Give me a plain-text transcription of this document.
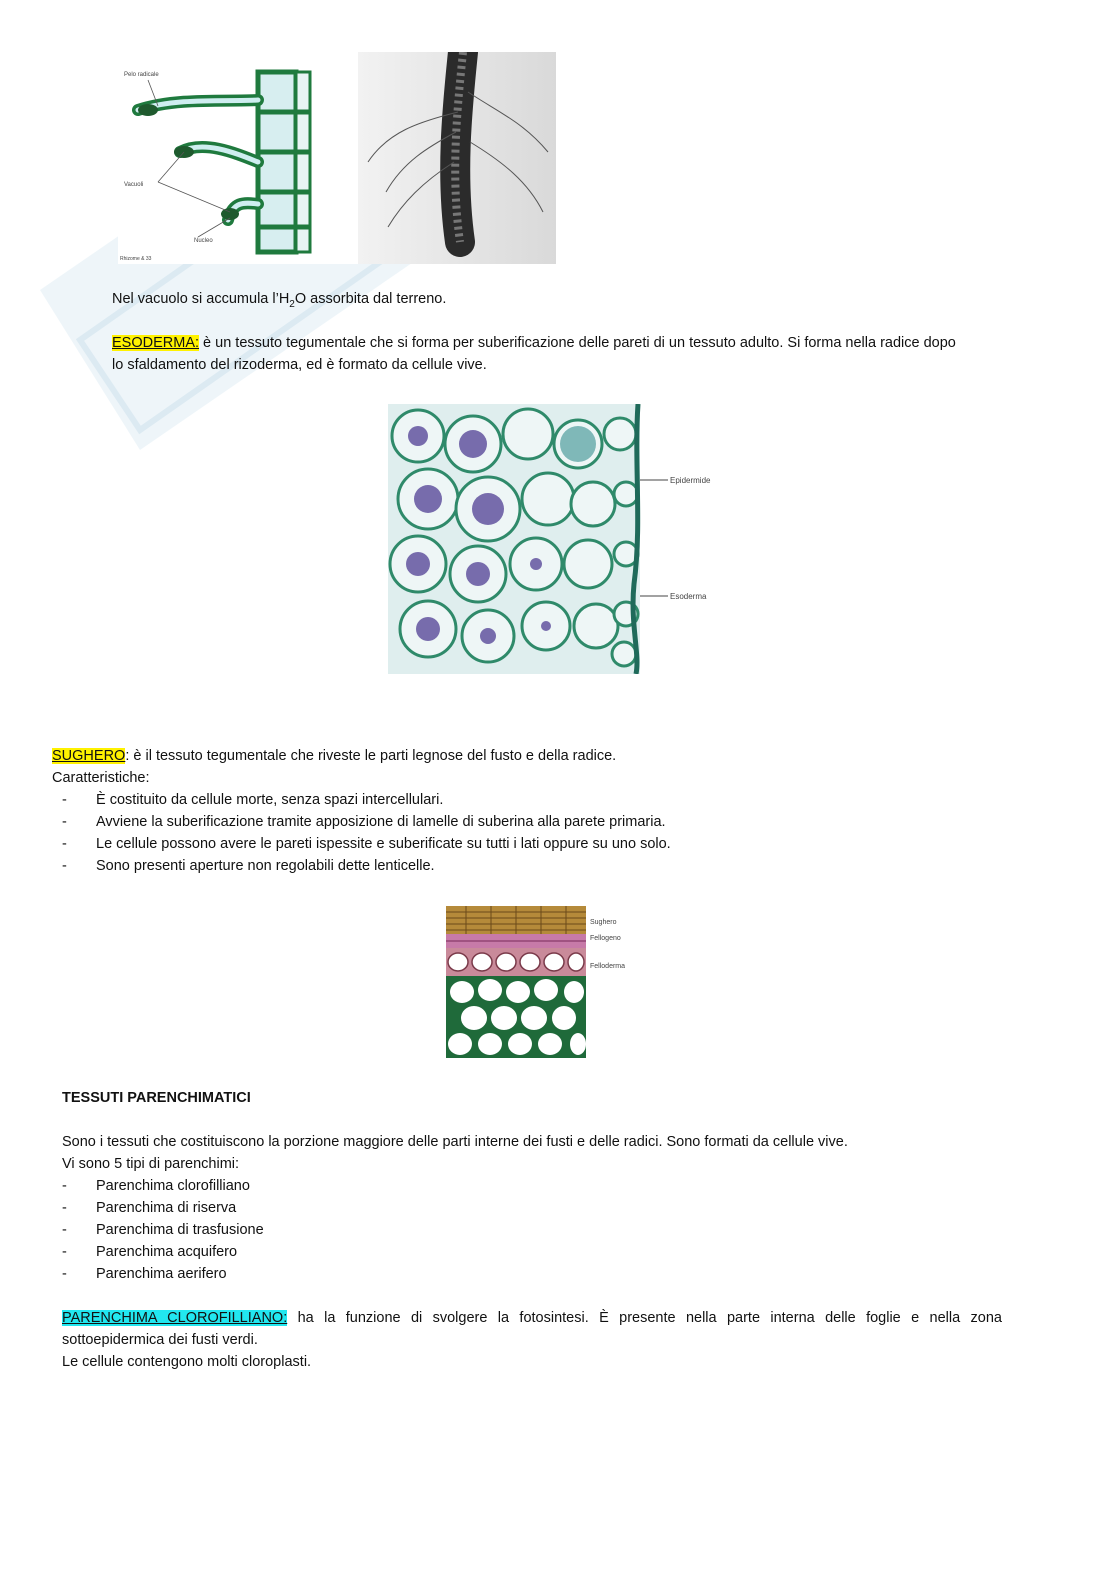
Pelo radicale
Vacuoli
Nucleo
Rhizome & 33
Nel vacuolo si accumula $l’H_2O$ assorbita dal terreno.
ESODERMA: è un tessuto tegumentale che si forma per suberificazione delle pareti di un tessuto adulto. Si forma nella radice dopo
lo sfaldamento del rizoderma, ed è formato da cellule vive.
Epidermide
Esoderma
SUGHERO: è il tessuto tegumentale che riveste le parti legnose del fusto e della radice.
Caratteristiche:
- È costituito da cellule morte, senza spazi intercellulari.
- Avviene la suberificazione tramite apposizione di lamelle di suberina alla parete primaria.
- Le cellule possono avere le pareti ispessite e suberificate su tutti i lati oppure su uno solo.
- Sono presenti aperture non regolabili dette lenticelle.
Sughero
Fellogeno
Felloderma
TESSUTI PARENCHIMATICI
Sono i tessuti che costituiscono la porzione maggiore delle parti interne dei fusti e delle radici. Sono formati da cellule vive.
Vi sono 5 tipi di parenchimi:
- Parenchima clorofilliano
- Parenchima di riserva
- Parenchima di trasfusione
- Parenchima acquifero
- Parenchima aerifero
PARENCHIMA CLOROFILLIANO: ha la funzione di svolgere la fotosintesi. È presente nella parte interna delle foglie e nella zona
sottoepidermica dei fusti verdi.
Le cellule contengono molti cloroplasti.
